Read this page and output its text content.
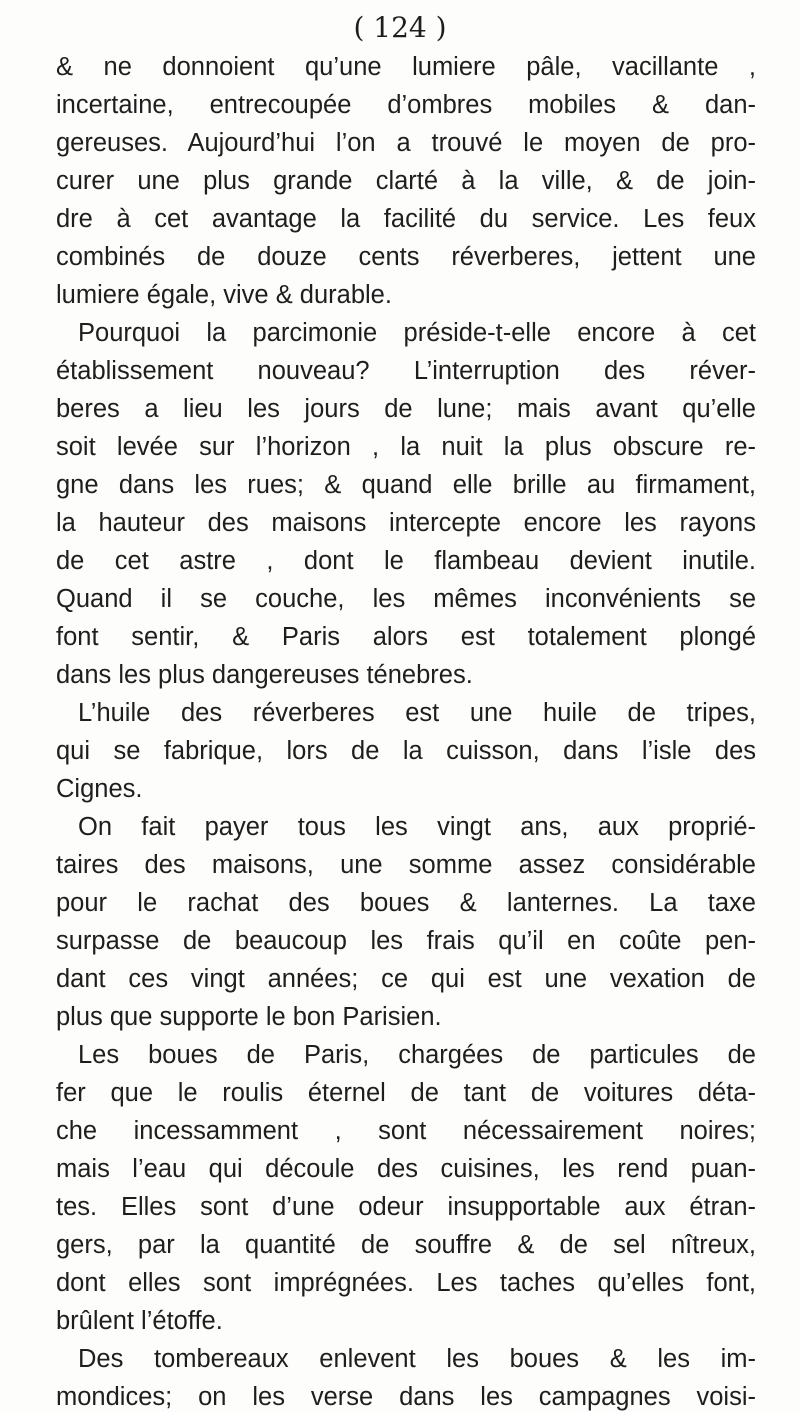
( 124 )
& ne donnoient qu’une lumiere pâle, vacillante ,
incertaine, entrecoupée d’ombres mobiles & dan-
gereuses. Aujourd’hui l’on a trouvé le moyen de pro-
curer une plus grande clarté à la ville, & de join-
dre à cet avantage la facilité du service. Les feux
combinés de douze cents réverberes, jettent une
lumiere égale, vive & durable.
Pourquoi la parcimonie préside-t-elle encore à cet
établissement nouveau? L’interruption des réver-
beres a lieu les jours de lune; mais avant qu’elle
soit levée sur l’horizon , la nuit la plus obscure re-
gne dans les rues; & quand elle brille au firmament,
la hauteur des maisons intercepte encore les rayons
de cet astre , dont le flambeau devient inutile.
Quand il se couche, les mêmes inconvénients se
font sentir, & Paris alors est totalement plongé
dans les plus dangereuses ténebres.
L’huile des réverberes est une huile de tripes,
qui se fabrique, lors de la cuisson, dans l’isle des
Cignes.
On fait payer tous les vingt ans, aux proprié-
taires des maisons, une somme assez considérable
pour le rachat des boues & lanternes. La taxe
surpasse de beaucoup les frais qu’il en coûte pen-
dant ces vingt années; ce qui est une vexation de
plus que supporte le bon Parisien.
Les boues de Paris, chargées de particules de
fer que le roulis éternel de tant de voitures déta-
che incessamment , sont nécessairement noires;
mais l’eau qui découle des cuisines, les rend puan-
tes. Elles sont d’une odeur insupportable aux étran-
gers, par la quantité de souffre & de sel nîtreux,
dont elles sont imprégnées. Les taches qu’elles font,
brûlent l’étoffe.
Des tombereaux enlevent les boues & les im-
mondices; on les verse dans les campagnes voisi-
